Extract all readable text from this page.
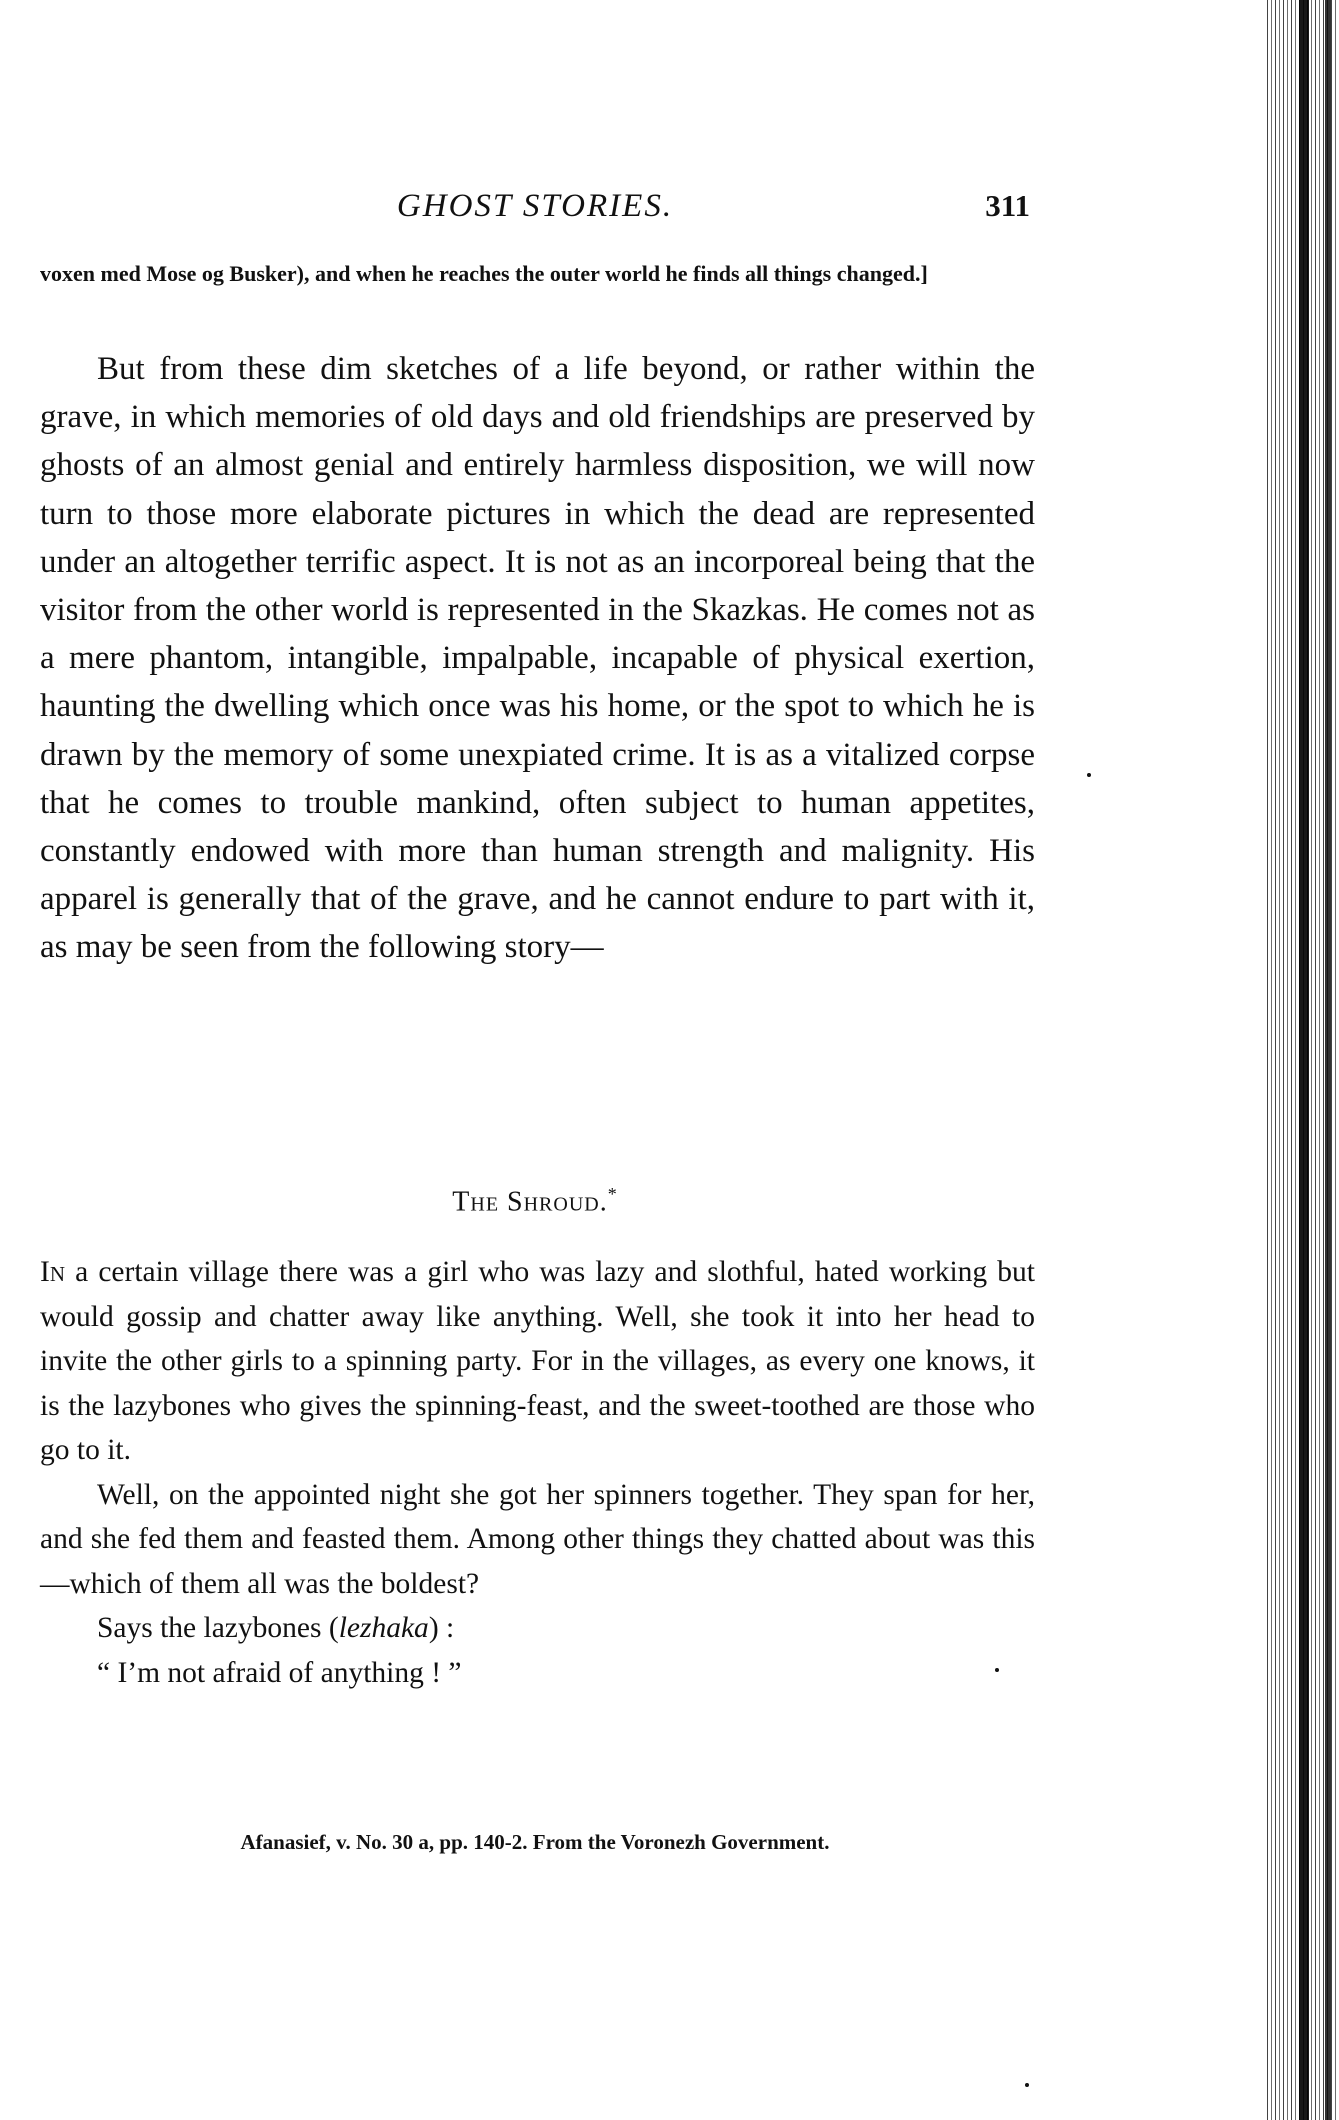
GHOST STORIES.	311
voxen med Mose og Busker), and when he reaches the outer world he finds all things changed.]

But from these dim sketches of a life beyond, or rather within the grave, in which memories of old days and old friendships are preserved by ghosts of an almost genial and entirely harmless disposition, we will now turn to those more elaborate pictures in which the dead are represented under an altogether terrific aspect. It is not as an incorporeal being that the visitor from the other world is represented in the Skazkas. He comes not as a mere phantom, intangible, impalpable, incapable of physical exertion, haunting the dwelling which once was his home, or the spot to which he is drawn by the memory of some unexpiated crime. It is as a vitalized corpse that he comes to trouble mankind, often subject to human appetites, constantly endowed with more than human strength and malignity. His apparel is generally that of the grave, and he cannot endure to part with it, as may be seen from the following story—

The Shroud.*

In a certain village there was a girl who was lazy and slothful, hated working but would gossip and chatter away like anything. Well, she took it into her head to invite the other girls to a spinning party. For in the villages, as every one knows, it is the lazybones who gives the spinning-feast, and the sweet-toothed are those who go to it.

Well, on the appointed night she got her spinners together. They span for her, and she fed them and feasted them. Among other things they chatted about was this—which of them all was the boldest?

Says the lazybones (lezhaka) :

“ I’m not afraid of anything ! ”

Afanasief, v. No. 30 a, pp. 140-2. From the Voronezh Government.
